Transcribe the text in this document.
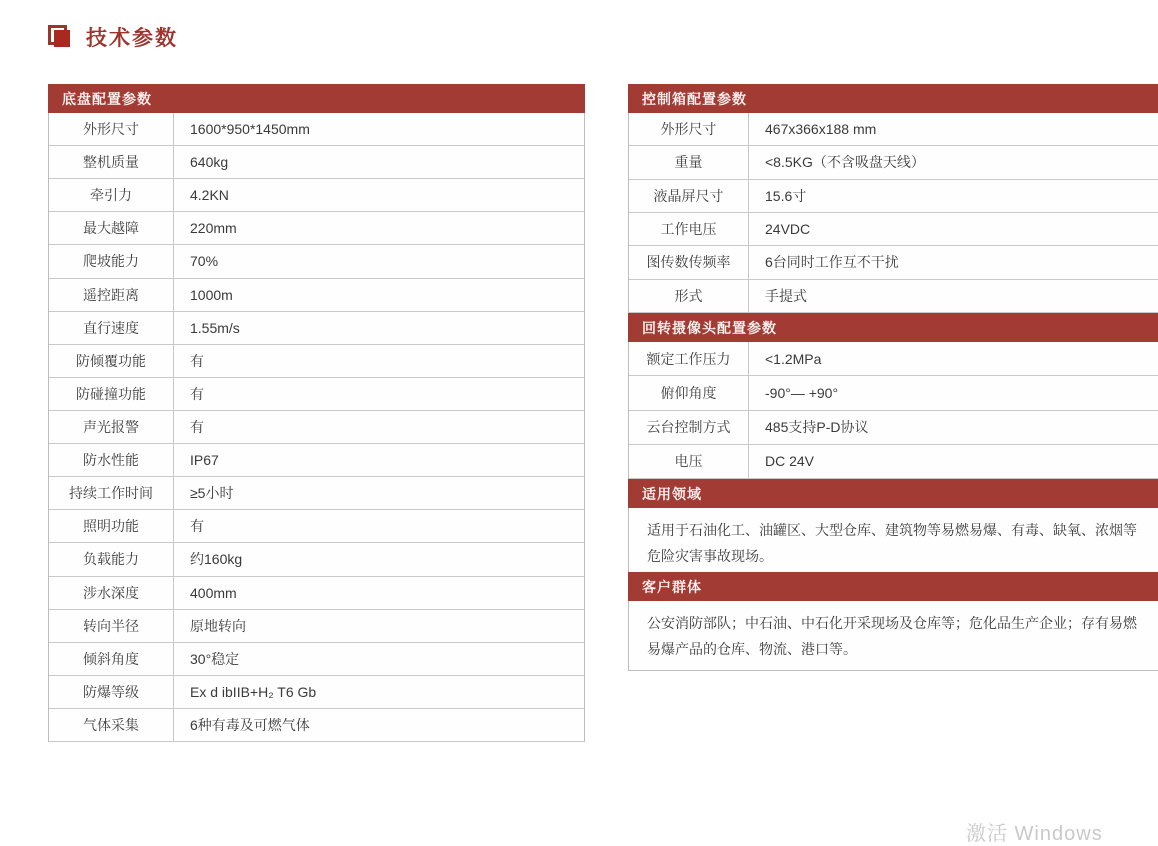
技术参数
底盘配置参数
外形尺寸	1600*950*1450mm
整机质量	640kg
牵引力	4.2KN
最大越障	220mm
爬坡能力	70%
遥控距离	1000m
直行速度	1.55m/s
防倾覆功能	有
防碰撞功能	有
声光报警	有
防水性能	IP67
持续工作时间	≥5小时
照明功能	有
负载能力	约160kg
涉水深度	400mm
转向半径	原地转向
倾斜角度	30°稳定
防爆等级	Ex d ibIIB+H₂ T6 Gb
气体采集	6种有毒及可燃气体
控制箱配置参数
外形尺寸	467x366x188 mm
重量	<8.5KG（不含吸盘天线）
液晶屏尺寸	15.6寸
工作电压	24VDC
图传数传频率	6台同时工作互不干扰
形式	手提式
回转摄像头配置参数
额定工作压力	<1.2MPa
俯仰角度	-90°— +90°
云台控制方式	485支持P-D协议
电压	DC 24V
适用领域
适用于石油化工、油罐区、大型仓库、建筑物等易燃易爆、有毒、缺氧、浓烟等危险灾害事故现场。
客户群体
公安消防部队；中石油、中石化开采现场及仓库等；危化品生产企业；存有易燃易爆产品的仓库、物流、港口等。
激活 Windows
